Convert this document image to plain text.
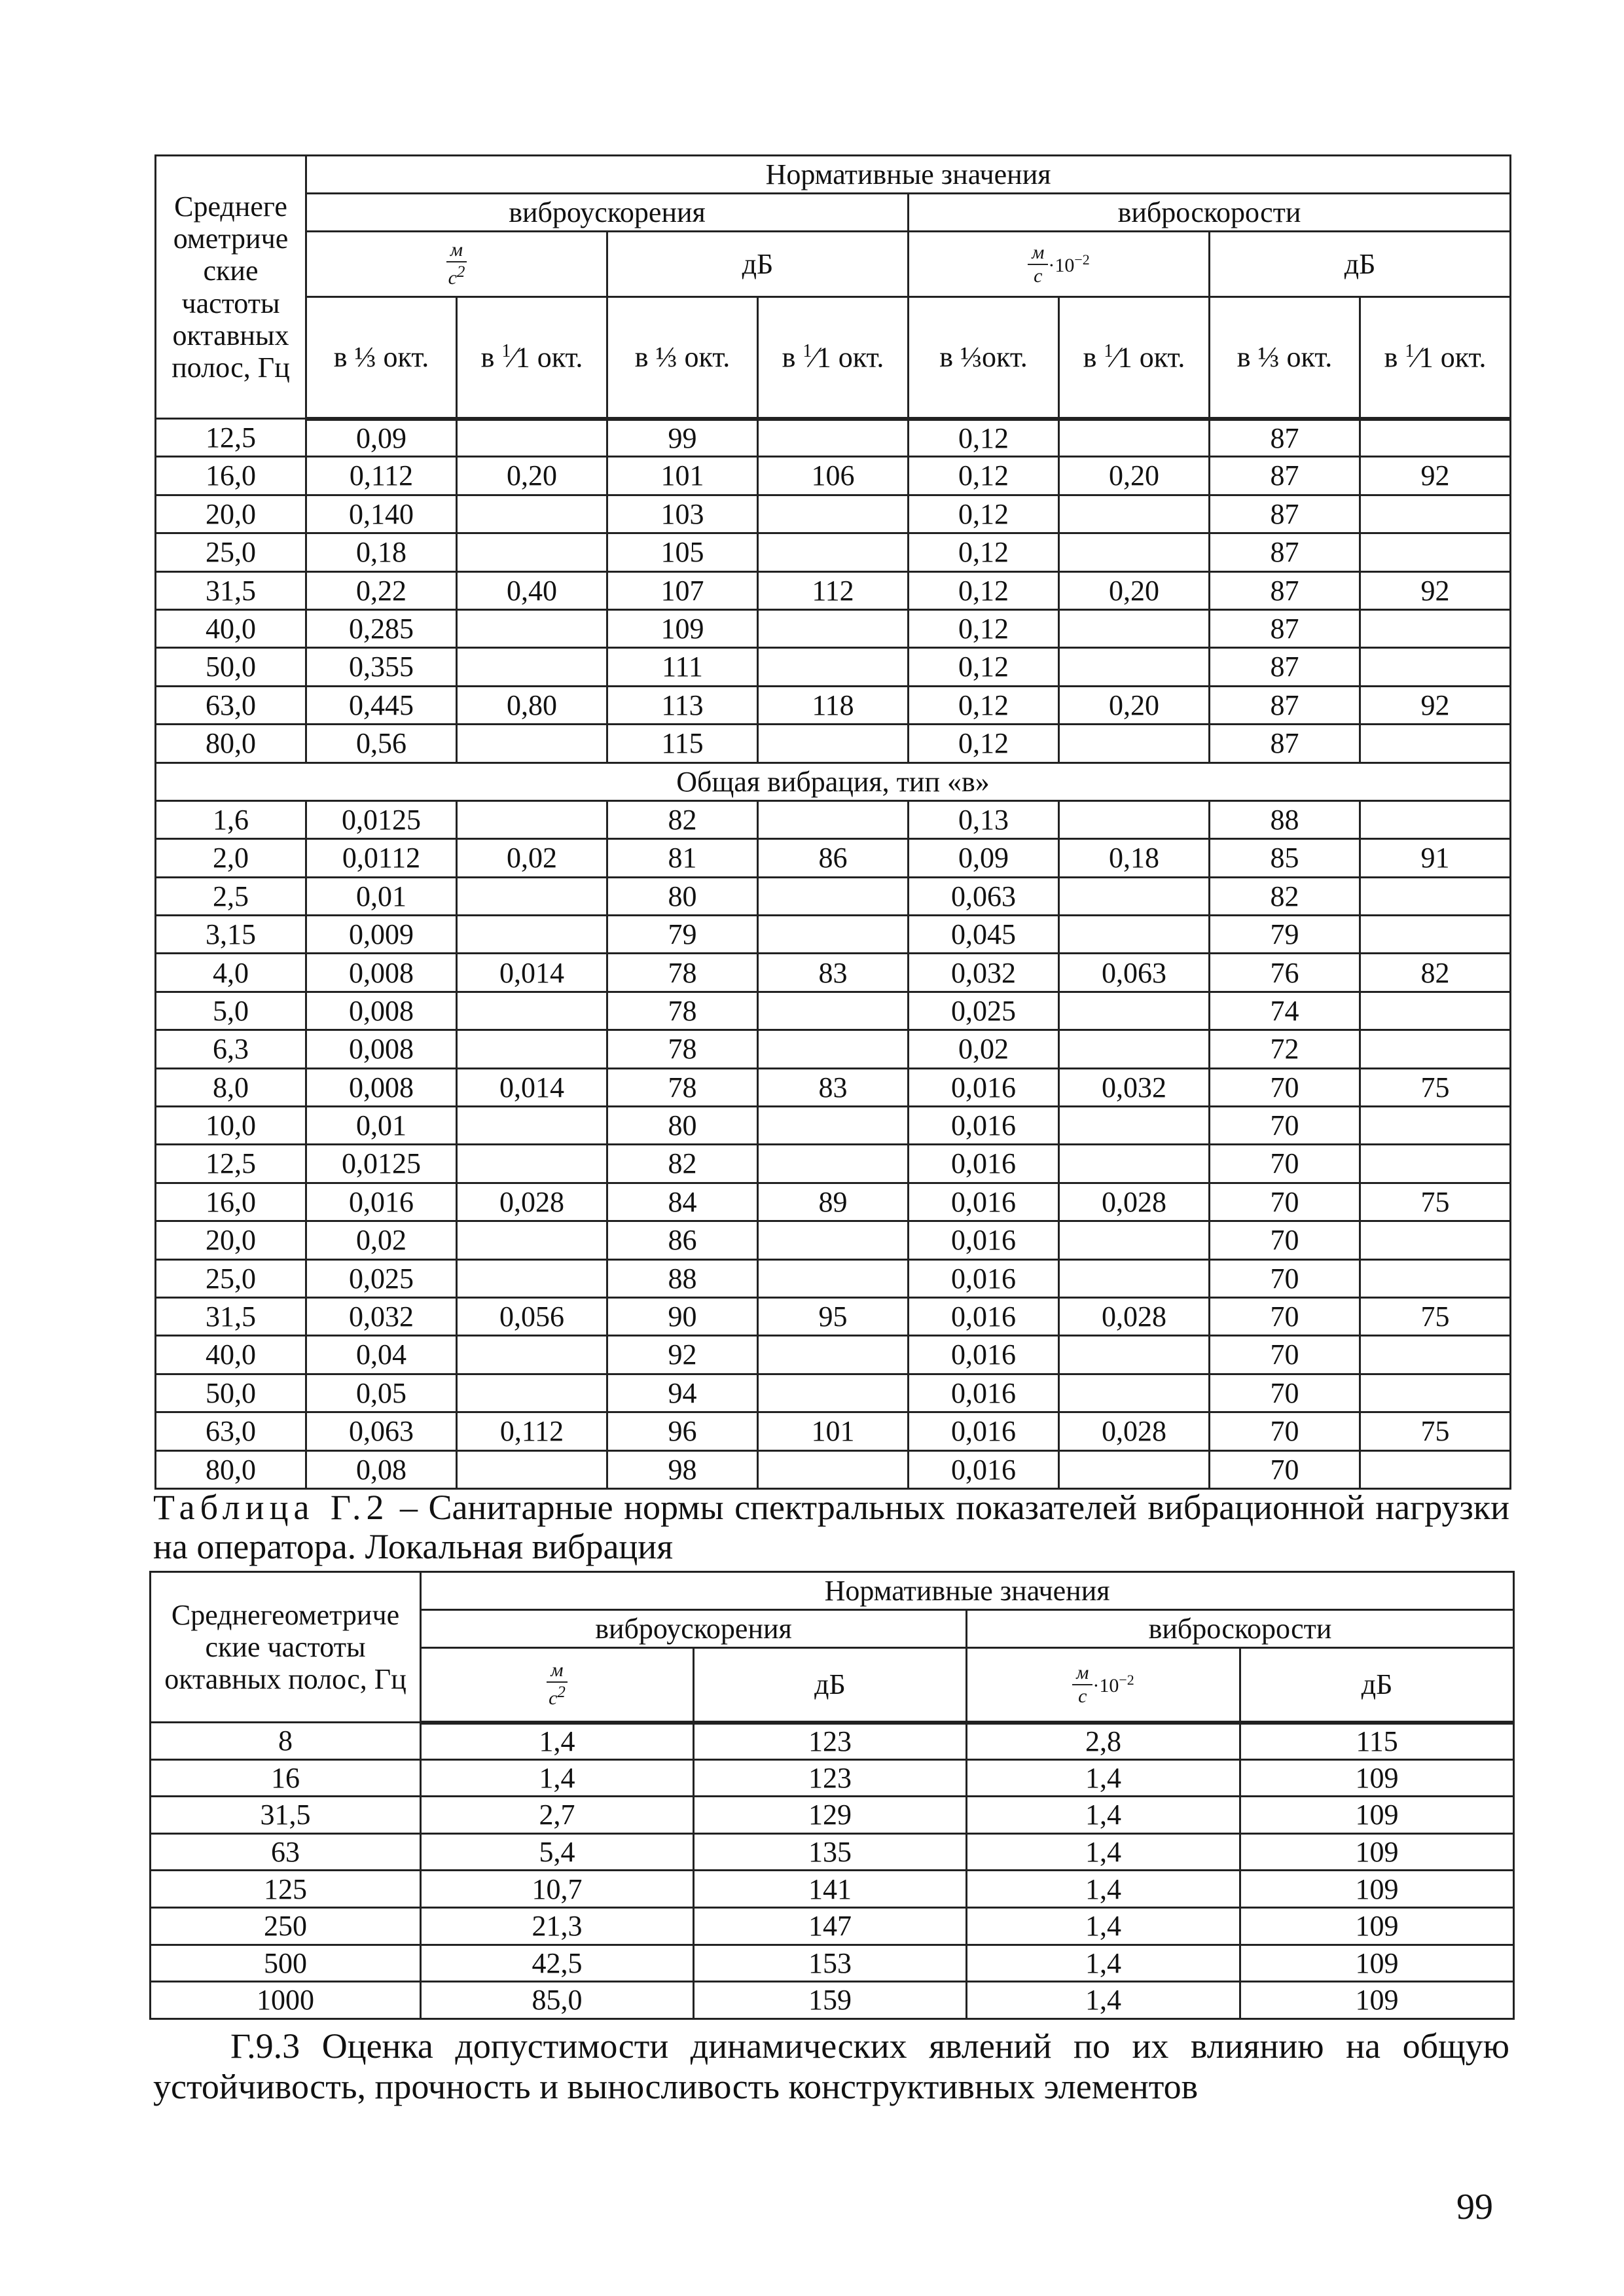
Среднеге ометриче ские частоты октавных полос, Гц	Нормативные значения							
	виброускорения				виброскорости			

	$\frac{м}{с^2}$		дБ		$\frac{м}{с} \cdot 10^{-2}$		дБ	
	в ⅓ окт.	в $^1$⁄1 окт.	в ⅓ окт.	в $^1$⁄1 окт.	в ⅓окт.	в $^1$⁄1 окт.	в ⅓ окт.	в $^1$⁄1 окт.
12,5	0,09		99		0,12		87	
16,0	0,112	0,20	101	106	0,12	0,20	87	92
20,0	0,140		103		0,12		87	
25,0	0,18		105		0,12		87	
31,5	0,22	0,40	107	112	0,12	0,20	87	92
40,0	0,285		109		0,12		87	
50,0	0,355		111		0,12		87	
63,0	0,445	0,80	113	118	0,12	0,20	87	92
80,0	0,56		115		0,12		87	
Общая вибрация, тип «в»								
1,6	0,0125		82		0,13		88	
2,0	0,0112	0,02	81	86	0,09	0,18	85	91
2,5	0,01		80		0,063		82	
3,15	0,009		79		0,045		79	
4,0	0,008	0,014	78	83	0,032	0,063	76	82
5,0	0,008		78		0,025		74	
6,3	0,008		78		0,02		72	
8,0	0,008	0,014	78	83	0,016	0,032	70	75
10,0	0,01		80		0,016		70	
12,5	0,0125		82		0,016		70	
16,0	0,016	0,028	84	89	0,016	0,028	70	75
20,0	0,02		86		0,016		70	
25,0	0,025		88		0,016		70	
31,5	0,032	0,056	90	95	0,016	0,028	70	75
40,0	0,04		92		0,016		70	
50,0	0,05		94		0,016		70	
63,0	0,063	0,112	96	101	0,016	0,028	70	75
80,0	0,08		98		0,016		70	
Таблица Г.2 – Санитарные нормы спектральных показателей вибрационной нагрузки на оператора. Локальная вибрация
Среднегеометриче ские частоты октавных полос, Гц	Нормативные значения			
	виброускорения		виброскорости	

	$\frac{м}{с^2}$	дБ	$\frac{м}{с} \cdot 10^{-2}$	дБ
8	1,4	123	2,8	115
16	1,4	123	1,4	109
31,5	2,7	129	1,4	109
63	5,4	135	1,4	109
125	10,7	141	1,4	109
250	21,3	147	1,4	109
500	42,5	153	1,4	109
1000	85,0	159	1,4	109
Г.9.3 Оценка допустимости динамических явлений по их влиянию на общую устойчивость, прочность и выносливость конструктивных элементов
99
